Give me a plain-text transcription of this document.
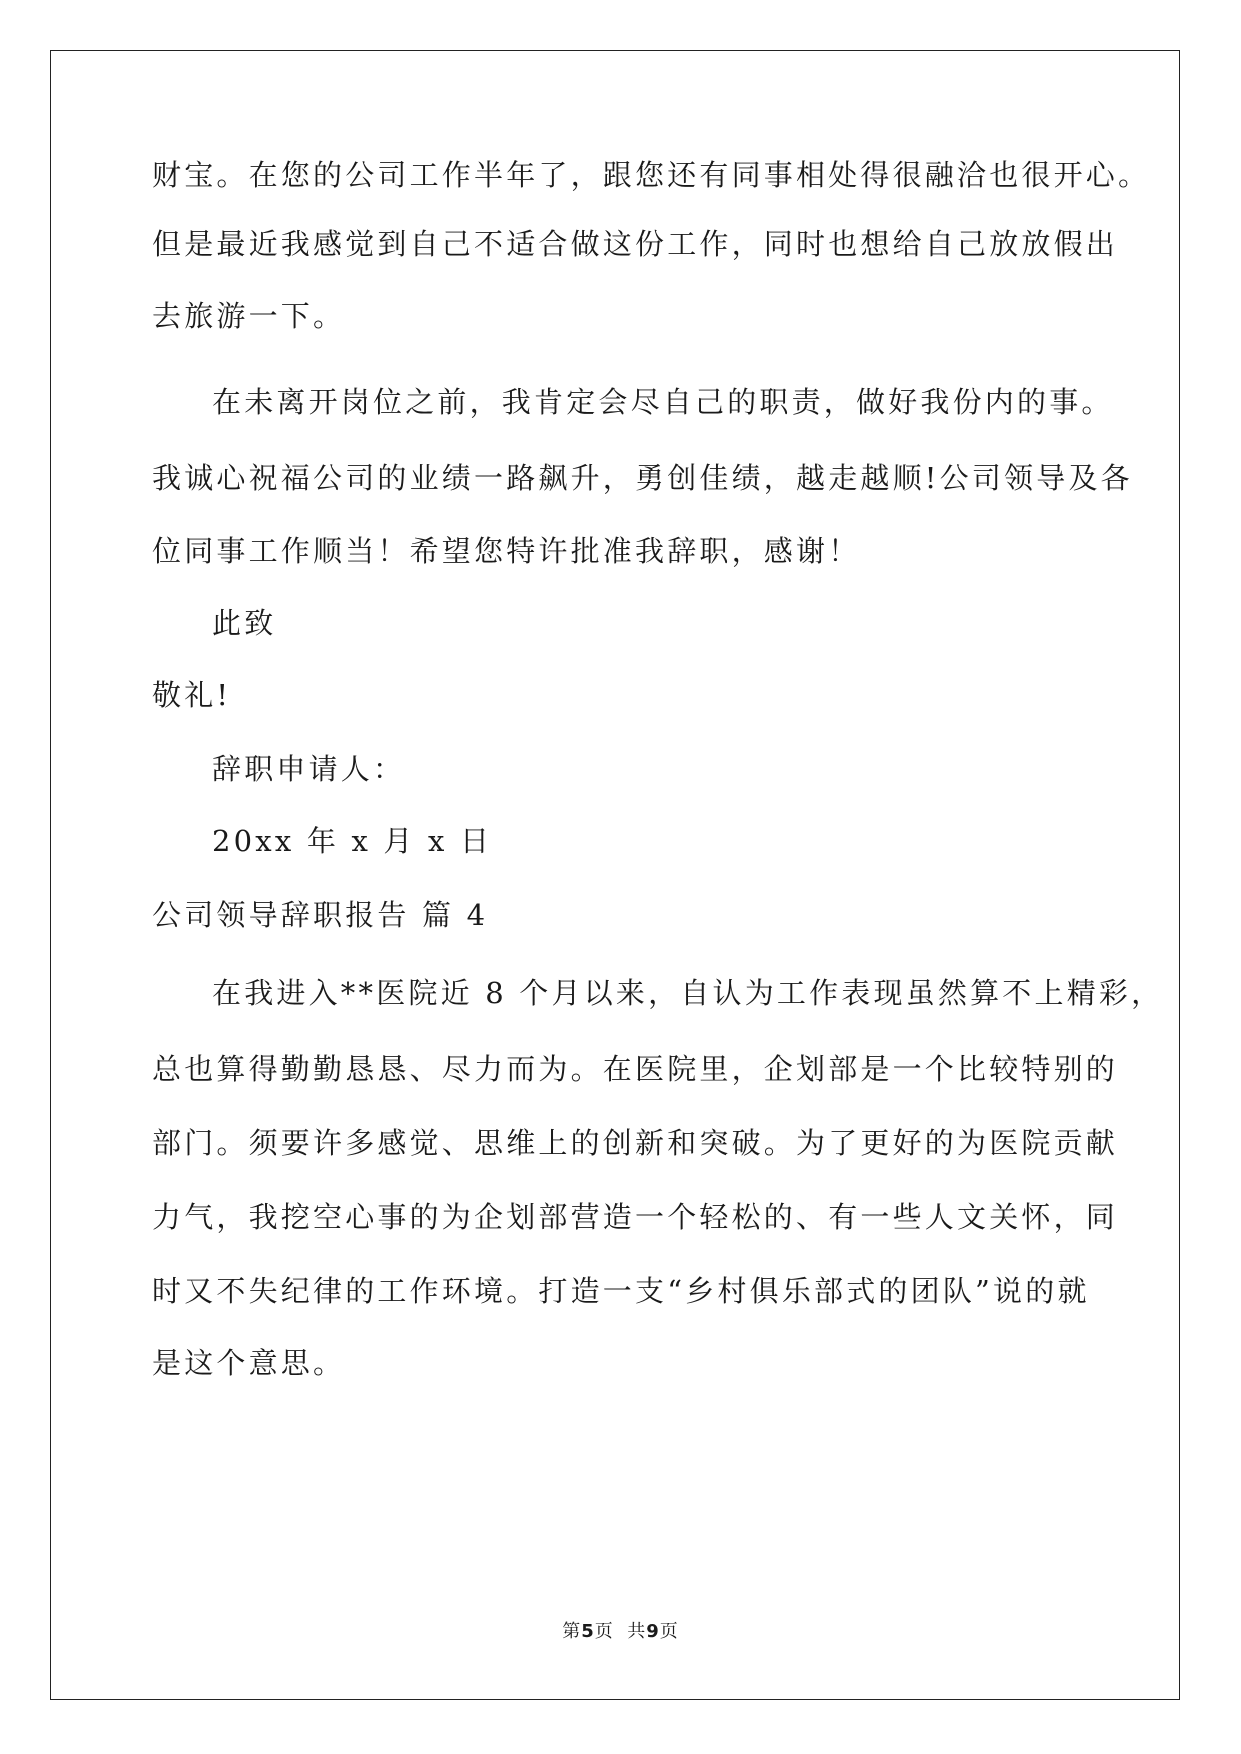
财宝。在您的公司工作半年了，跟您还有同事相处得很融洽也很开心。
但是最近我感觉到自己不适合做这份工作，同时也想给自己放放假出
去旅游一下。
在未离开岗位之前，我肯定会尽自己的职责，做好我份内的事。
我诚心祝福公司的业绩一路飙升，勇创佳绩，越走越顺!公司领导及各
位同事工作顺当！希望您特许批准我辞职，感谢！
此致
敬礼!
辞职申请人：
20xx 年 x 月 x 日
公司领导辞职报告 篇 4
在我进入**医院近 8 个月以来，自认为工作表现虽然算不上精彩，
总也算得勤勤恳恳、尽力而为。在医院里，企划部是一个比较特别的
部门。须要许多感觉、思维上的创新和突破。为了更好的为医院贡献
力气，我挖空心事的为企划部营造一个轻松的、有一些人文关怀，同
时又不失纪律的工作环境。打造一支“乡村俱乐部式的团队”说的就
是这个意思。
第5页  共9页
